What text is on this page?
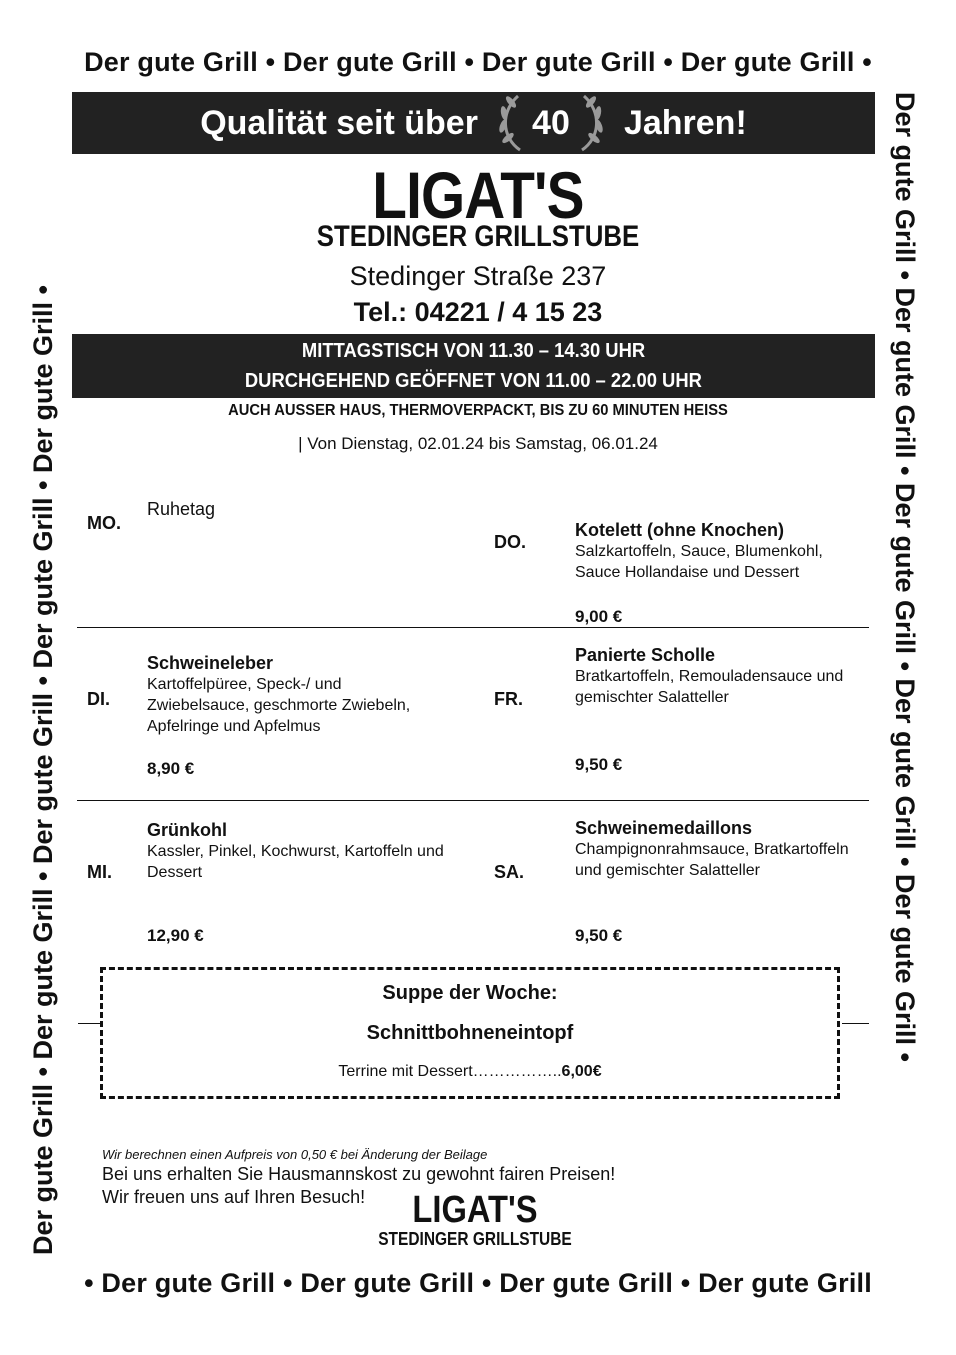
Der gute Grill • Der gute Grill • Der gute Grill • Der gute Grill •
• Der gute Grill • Der gute Grill • Der gute Grill • Der gute Grill
Der gute Grill • Der gute Grill • Der gute Grill • Der gute Grill • Der gute Grill •	Der gute Grill • Der gute Grill • Der gute Grill • Der gute Grill • Der gute Grill •
Qualität seit über 40 Jahren!
LIGAT'S
STEDINGER GRILLSTUBE
Stedinger Straße 237
Tel.: 04221 / 4 15 23
MITTAGSTISCH VON 11.30 – 14.30 UHR
DURCHGEHEND GEÖFFNET VON 11.00 – 22.00 UHR
AUCH AUSSER HAUS, THERMOVERPACKT, BIS ZU 60 MINUTEN HEISS
| Von Dienstag, 02.01.24 bis Samstag, 06.01.24
MO.
Ruhetag
DI.
Schweineleber
Kartoffelpüree, Speck-/ und Zwiebelsauce, geschmorte Zwiebeln, Apfelringe und Apfelmus
8,90 €
MI.
Grünkohl
Kassler, Pinkel, Kochwurst, Kartoffeln und Dessert
12,90 €
DO.
Kotelett (ohne Knochen)
Salzkartoffeln, Sauce, Blumenkohl, Sauce Hollandaise und Dessert
9,00 €
FR.
Panierte Scholle
Bratkartoffeln, Remouladensauce und gemischter Salatteller
9,50 €
SA.
Schweinemedaillons
Champignonrahmsauce, Bratkartoffeln und gemischter Salatteller
9,50 €
Suppe der Woche:
Schnittbohneneintopf
Terrine mit Dessert……………..6,00€
Wir berechnen einen Aufpreis von 0,50 € bei Änderung der Beilage
Bei uns erhalten Sie Hausmannskost zu gewohnt fairen Preisen!
Wir freuen uns auf Ihren Besuch!	LIGAT'S
STEDINGER GRILLSTUBE
